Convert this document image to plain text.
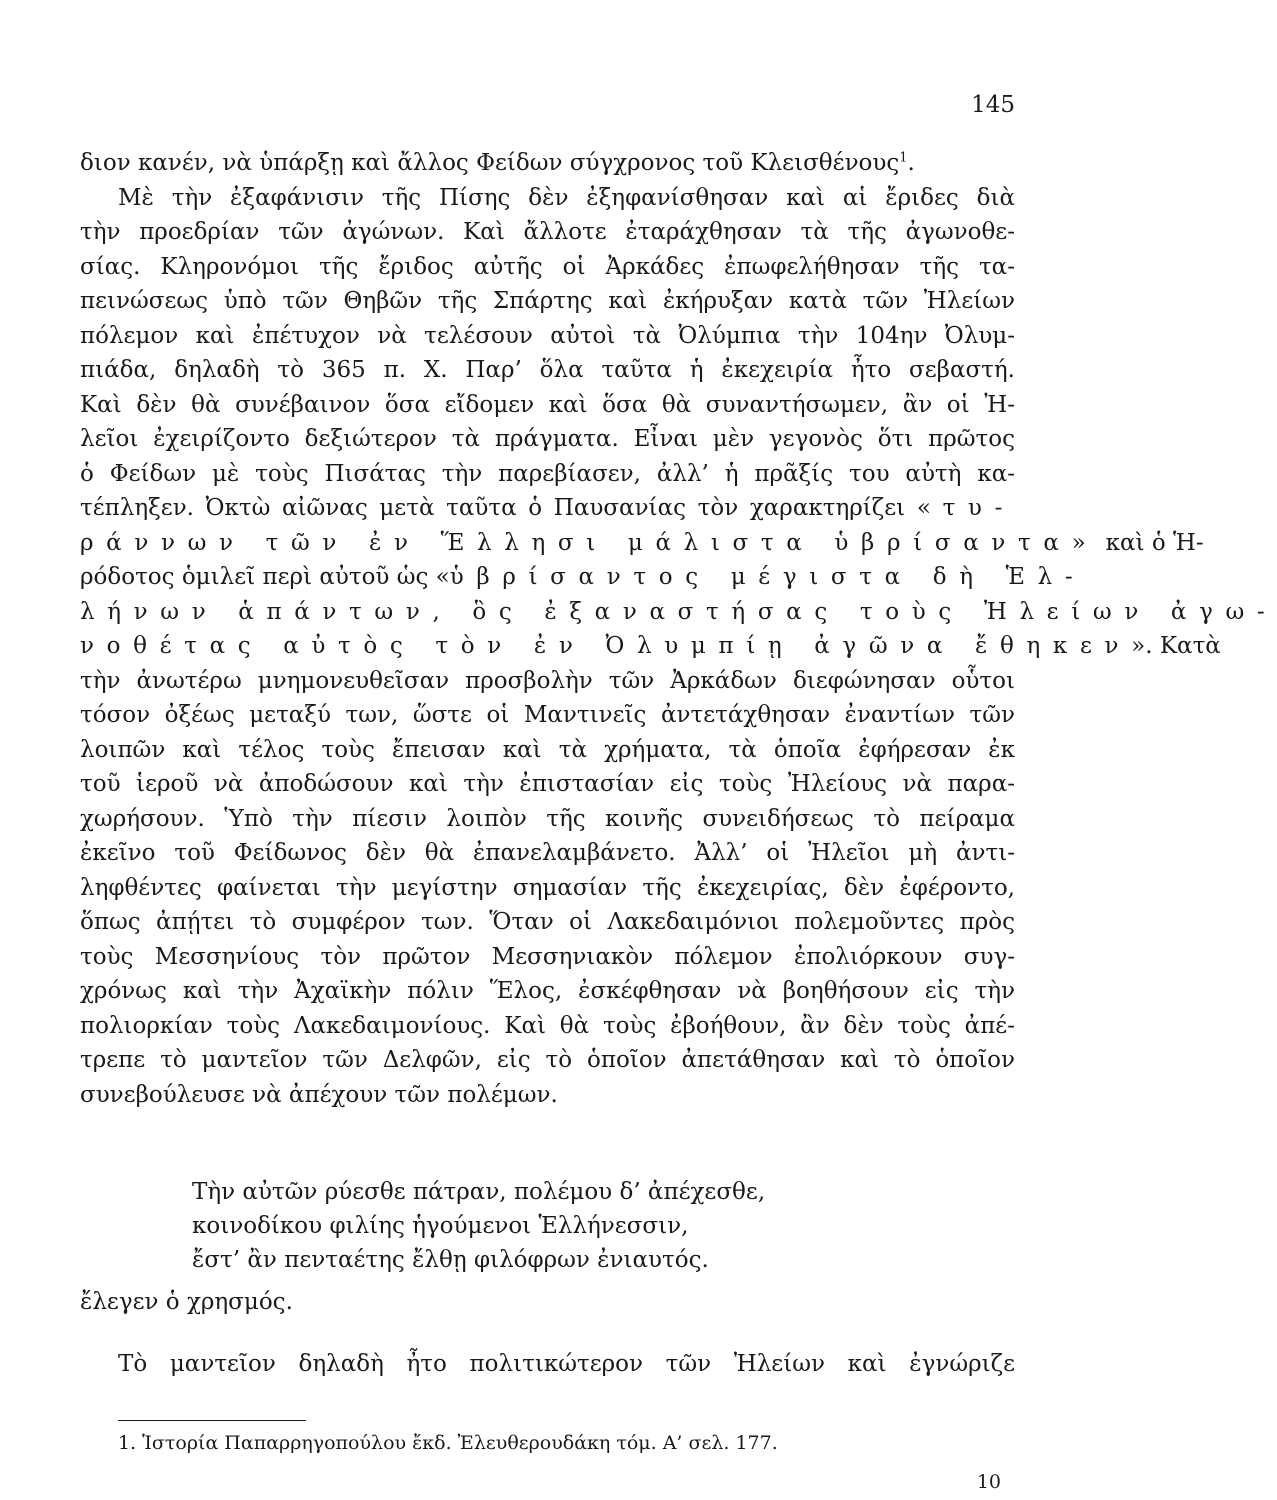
145
διον κανέν, νὰ ὑπάρξῃ καὶ ἄλλος Φείδων σύγχρονος τοῦ Κλεισθένους$^1$.
Μὲ τὴν ἐξαφάνισιν τῆς Πίσης δὲν ἐξηφανίσθησαν καὶ αἱ ἔριδες διὰ
τὴν προεδρίαν τῶν ἀγώνων. Καὶ ἄλλοτε ἐταράχθησαν τὰ τῆς ἀγωνοθε-
σίας. Κληρονόμοι τῆς ἔριδος αὐτῆς οἱ Ἀρκάδες ἐπωφελήθησαν τῆς τα-
πεινώσεως ὑπὸ τῶν Θηβῶν τῆς Σπάρτης καὶ ἐκήρυξαν κατὰ τῶν Ἠλείων
πόλεμον καὶ ἐπέτυχον νὰ τελέσουν αὐτοὶ τὰ Ὀλύμπια τὴν 104ην Ὀλυμ-
πιάδα, δηλαδὴ τὸ 365 π. Χ. Παρ’ ὅλα ταῦτα ἡ ἐκεχειρία ἦτο σεβαστή.
Καὶ δὲν θὰ συνέβαινον ὅσα εἴδομεν καὶ ὅσα θὰ συναντήσωμεν, ἂν οἱ Ἠ-
λεῖοι ἐχειρίζοντο δεξιώτερον τὰ πράγματα. Εἶναι μὲν γεγονὸς ὅτι πρῶτος
ὁ Φείδων μὲ τοὺς Πισάτας τὴν παρεβίασεν, ἀλλ’ ἡ πρᾶξίς του αὐτὴ κα-
τέπληξεν. Ὀκτὼ αἰῶνας μετὰ ταῦτα ὁ Παυσανίας τὸν χαρακτηρίζει « τυ-
ράννων τῶν ἐν Ἕλλησι μάλιστα ὑβρίσαντα» καὶ ὁ Ἡ-
ρόδοτος ὁμιλεῖ περὶ αὐτοῦ ὡς «ὑβρίσαντος μέγιστα δὴ Ἑλ-
λήνων ἁπάντων, ὃς ἐξαναστήσας τοὺς Ἠλείων ἀγω-
νοθέτας αὐτὸς τὸν ἐν Ὀλυμπίῃ ἀγῶνα ἔθηκεν». Κατὰ
τὴν ἀνωτέρω μνημονευθεῖσαν προσβολὴν τῶν Ἀρκάδων διεφώνησαν οὗτοι
τόσον ὀξέως μεταξύ των, ὥστε οἱ Μαντινεῖς ἀντετάχθησαν ἐναντίων τῶν
λοιπῶν καὶ τέλος τοὺς ἔπεισαν καὶ τὰ χρήματα, τὰ ὁποῖα ἐφήρεσαν ἐκ
τοῦ ἱεροῦ νὰ ἀποδώσουν καὶ τὴν ἐπιστασίαν εἰς τοὺς Ἠλείους νὰ παρα-
χωρήσουν. Ὑπὸ τὴν πίεσιν λοιπὸν τῆς κοινῆς συνειδήσεως τὸ πείραμα
ἐκεῖνο τοῦ Φείδωνος δὲν θὰ ἐπανελαμβάνετο. Ἀλλ’ οἱ Ἠλεῖοι μὴ ἀντι-
ληφθέντες φαίνεται τὴν μεγίστην σημασίαν τῆς ἐκεχειρίας, δὲν ἐφέροντο,
ὅπως ἀπῄτει τὸ συμφέρον των. Ὅταν οἱ Λακεδαιμόνιοι πολεμοῦντες πρὸς
τοὺς Μεσσηνίους τὸν πρῶτον Μεσσηνιακὸν πόλεμον ἐπολιόρκουν συγ-
χρόνως καὶ τὴν Ἀχαϊκὴν πόλιν Ἕλος, ἐσκέφθησαν νὰ βοηθήσουν εἰς τὴν
πολιορκίαν τοὺς Λακεδαιμονίους. Καὶ θὰ τοὺς ἐβοήθουν, ἂν δὲν τοὺς ἀπέ-
τρεπε τὸ μαντεῖον τῶν Δελφῶν, εἰς τὸ ὁποῖον ἀπετάθησαν καὶ τὸ ὁποῖον
συνεβούλευσε νὰ ἀπέχουν τῶν πολέμων.
Τὴν αὐτῶν ρύεσθε πάτραν, πολέμου δ’ ἀπέχεσθε,
κοινοδίκου φιλίης ἡγούμενοι Ἑλλήνεσσιν,
ἔστ’ ἂν πενταέτης ἔλθῃ φιλόφρων ἐνιαυτός.
ἔλεγεν ὁ χρησμός.
Τὸ μαντεῖον δηλαδὴ ἦτο πολιτικώτερον τῶν Ἠλείων καὶ ἐγνώριζε
1. Ἱστορία Παπαρρηγοπούλου ἔκδ. Ἐλευθερουδάκη τόμ. Α’ σελ. 177.
10
